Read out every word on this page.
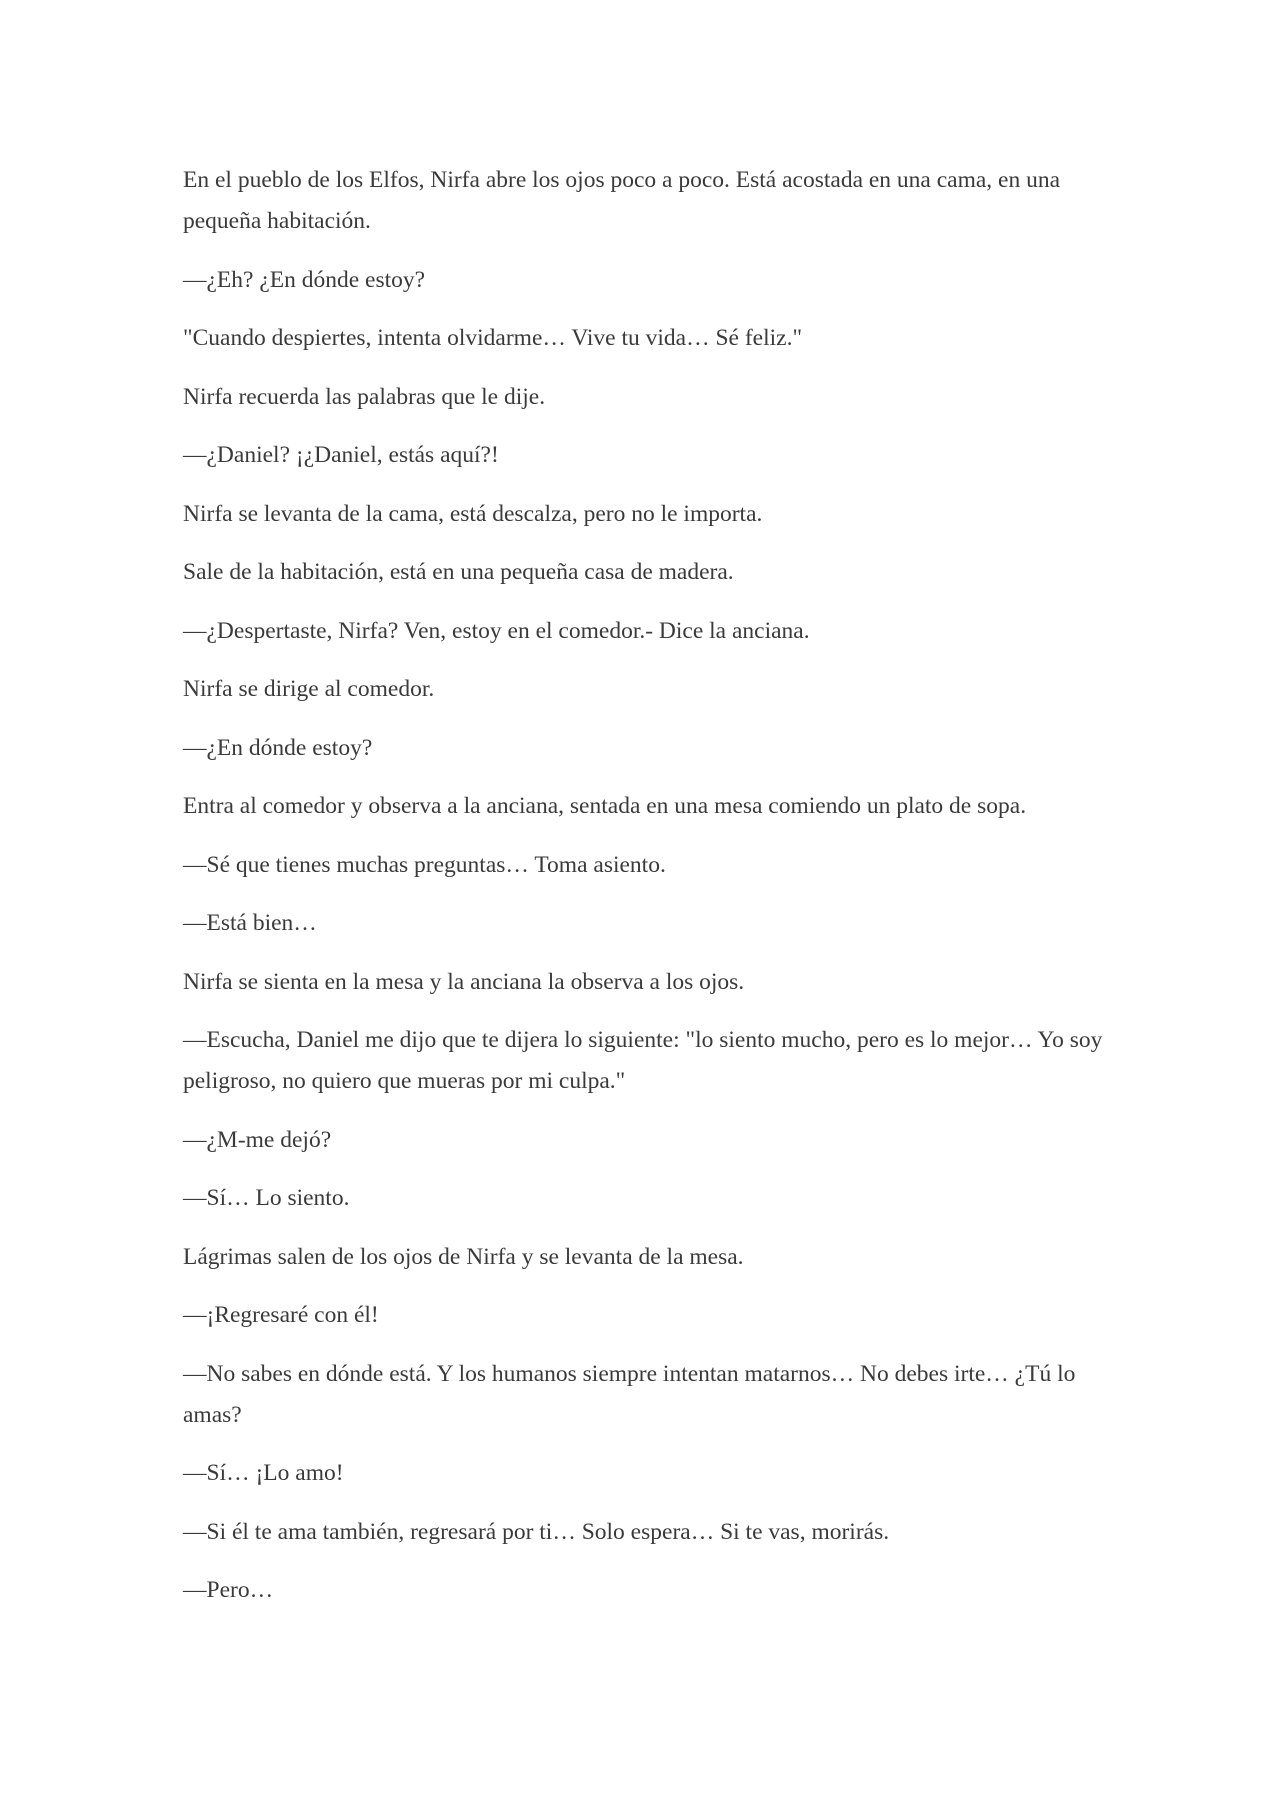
En el pueblo de los Elfos, Nirfa abre los ojos poco a poco. Está acostada en una cama, en una pequeña habitación.

—¿Eh? ¿En dónde estoy?

"Cuando despiertes, intenta olvidarme… Vive tu vida… Sé feliz."

Nirfa recuerda las palabras que le dije.

—¿Daniel? ¡¿Daniel, estás aquí?!

Nirfa se levanta de la cama, está descalza, pero no le importa.

Sale de la habitación, está en una pequeña casa de madera.

—¿Despertaste, Nirfa? Ven, estoy en el comedor.- Dice la anciana.

Nirfa se dirige al comedor.

—¿En dónde estoy?

Entra al comedor y observa a la anciana, sentada en una mesa comiendo un plato de sopa.

—Sé que tienes muchas preguntas… Toma asiento.

—Está bien…

Nirfa se sienta en la mesa y la anciana la observa a los ojos.

—Escucha, Daniel me dijo que te dijera lo siguiente: "lo siento mucho, pero es lo mejor… Yo soy peligroso, no quiero que mueras por mi culpa."

—¿M-me dejó?

—Sí… Lo siento.

Lágrimas salen de los ojos de Nirfa y se levanta de la mesa.

—¡Regresaré con él!

—No sabes en dónde está. Y los humanos siempre intentan matarnos… No debes irte… ¿Tú lo amas?

—Sí… ¡Lo amo!

—Si él te ama también, regresará por ti… Solo espera… Si te vas, morirás.

—Pero…
